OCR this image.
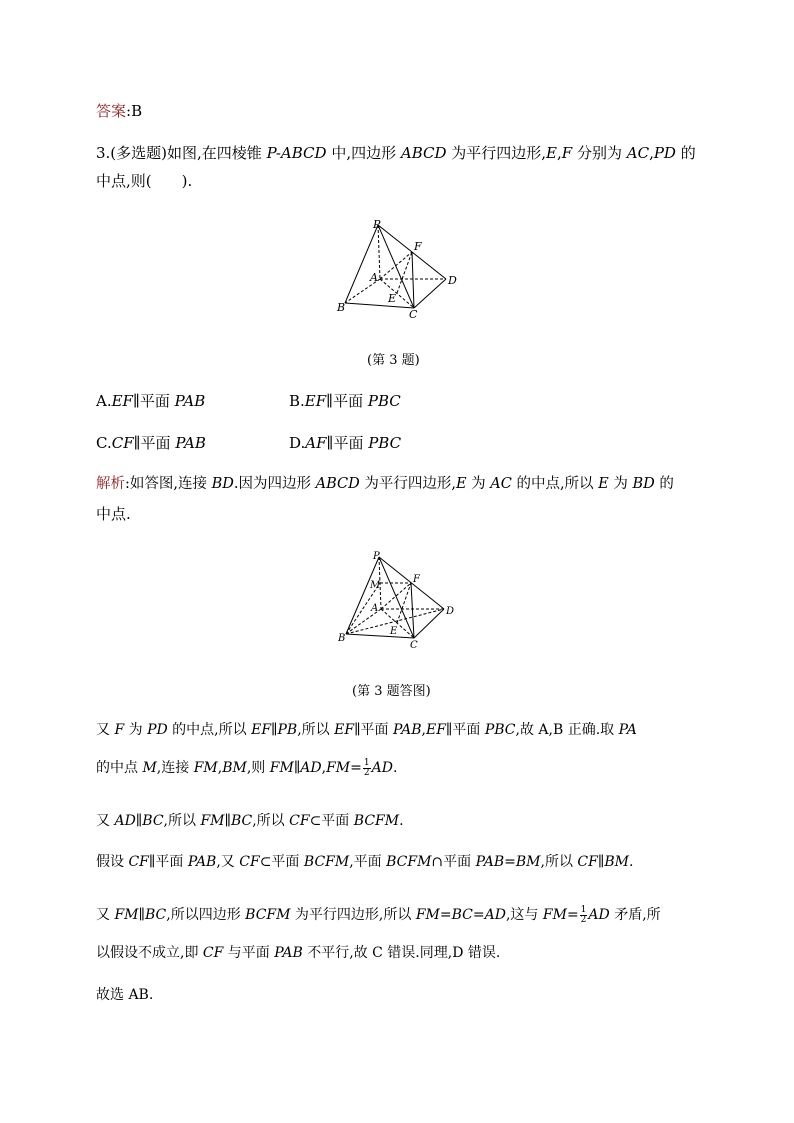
答案:B
3.(多选题)如图,在四棱锥 P-ABCD 中,四边形 ABCD 为平行四边形,E,F 分别为 AC,PD 的
中点,则(　　).
P
F
A	D
E
B
C
(第 3 题)
A.EF∥平面 PAB	B.EF∥平面 PBC
C.CF∥平面 PAB	D.AF∥平面 PBC
解析:如答图,连接 BD.因为四边形 ABCD 为平行四边形,E 为 AC 的中点,所以 E 为 BD 的
中点.
P
M
F
A	D
E
B
C
(第 3 题答图)
又 F 为 PD 的中点,所以 EF∥PB,所以 EF∥平面 PAB,EF∥平面 PBC,故 A,B 正确.取 PA
的中点 M,连接 FM,BM,则 FM∥AD,FM= $\frac{1}{2}$ AD.
又 AD∥BC,所以 FM∥BC,所以 CF⊂平面 BCFM.
假设 CF∥平面 PAB,又 CF⊂平面 BCFM,平面 BCFM∩平面 PAB=BM,所以 CF∥BM.
又 FM∥BC,所以四边形 BCFM 为平行四边形,所以 FM=BC=AD,这与 $FM= \frac{1}{2}$ AD 矛盾,所
以假设不成立,即 CF 与平面 PAB 不平行,故 C 错误.同理,D 错误.
故选 AB.
